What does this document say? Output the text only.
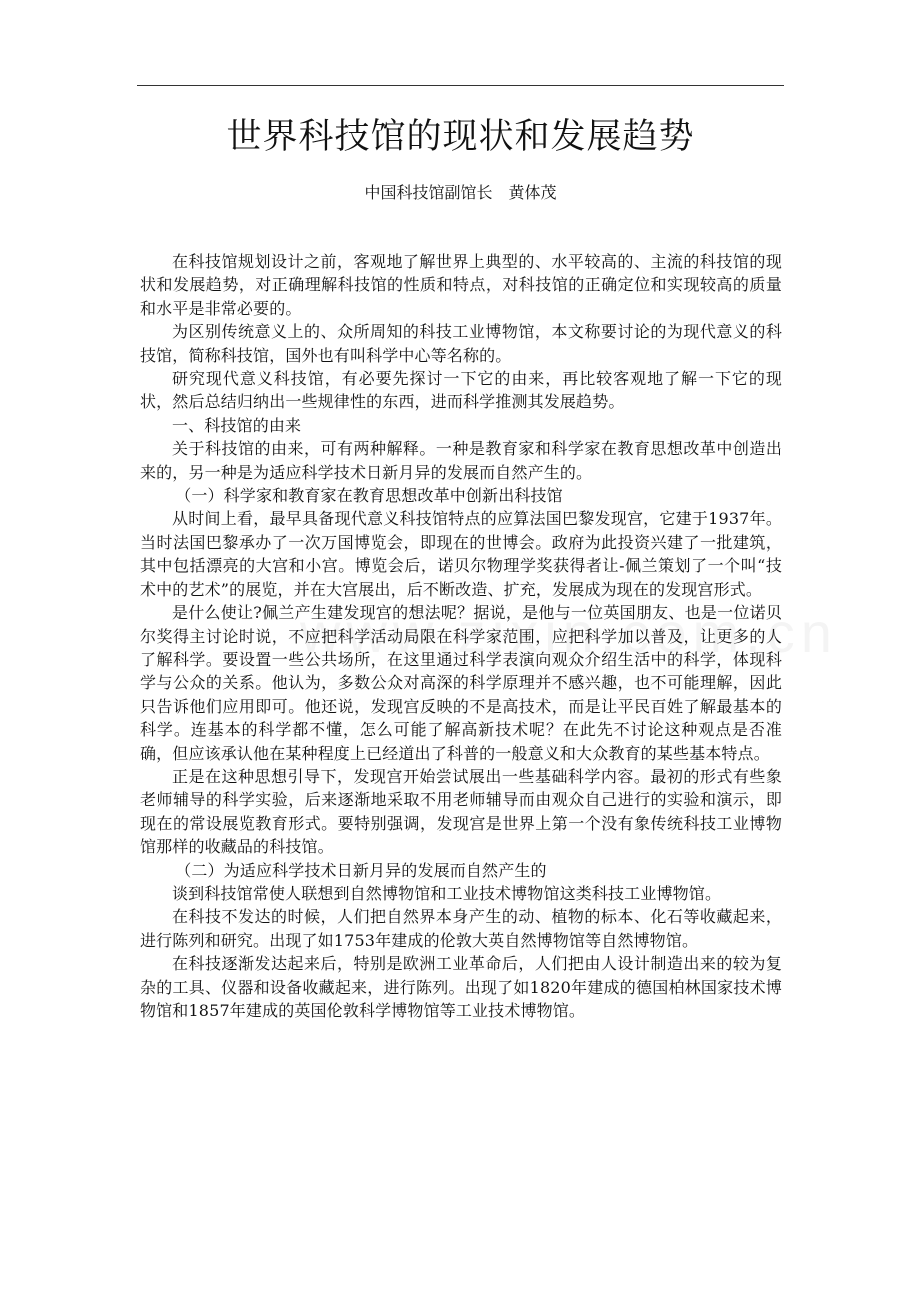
世界科技馆的现状和发展趋势
中国科技馆副馆长　黄体茂

在科技馆规划设计之前，客观地了解世界上典型的、水平较高的、主流的科技馆的现状和发展趋势，对正确理解科技馆的性质和特点，对科技馆的正确定位和实现较高的质量和水平是非常必要的。

为区别传统意义上的、众所周知的科技工业博物馆，本文称要讨论的为现代意义的科技馆，简称科技馆，国外也有叫科学中心等名称的。

研究现代意义科技馆，有必要先探讨一下它的由来，再比较客观地了解一下它的现状，然后总结归纳出一些规律性的东西，进而科学推测其发展趋势。

一、科技馆的由来

关于科技馆的由来，可有两种解释。一种是教育家和科学家在教育思想改革中创造出来的，另一种是为适应科学技术日新月异的发展而自然产生的。

（一）科学家和教育家在教育思想改革中创新出科技馆

从时间上看，最早具备现代意义科技馆特点的应算法国巴黎发现宫，它建于1937年。当时法国巴黎承办了一次万国博览会，即现在的世博会。政府为此投资兴建了一批建筑，其中包括漂亮的大宫和小宫。博览会后，诺贝尔物理学奖获得者让-佩兰策划了一个叫“技术中的艺术”的展览，并在大宫展出，后不断改造、扩充，发展成为现在的发现宫形式。

是什么使让?佩兰产生建发现宫的想法呢？据说，是他与一位英国朋友、也是一位诺贝尔奖得主讨论时说，不应把科学活动局限在科学家范围，应把科学加以普及，让更多的人了解科学。要设置一些公共场所，在这里通过科学表演向观众介绍生活中的科学，体现科学与公众的关系。他认为，多数公众对高深的科学原理并不感兴趣，也不可能理解，因此只告诉他们应用即可。他还说，发现宫反映的不是高技术，而是让平民百姓了解最基本的科学。连基本的科学都不懂，怎么可能了解高新技术呢？在此先不讨论这种观点是否准确，但应该承认他在某种程度上已经道出了科普的一般意义和大众教育的某些基本特点。

正是在这种思想引导下，发现宫开始尝试展出一些基础科学内容。最初的形式有些象老师辅导的科学实验，后来逐渐地采取不用老师辅导而由观众自己进行的实验和演示，即现在的常设展览教育形式。要特别强调，发现宫是世界上第一个没有象传统科技工业博物馆那样的收藏品的科技馆。

（二）为适应科学技术日新月异的发展而自然产生的

谈到科技馆常使人联想到自然博物馆和工业技术博物馆这类科技工业博物馆。

在科技不发达的时候，人们把自然界本身产生的动、植物的标本、化石等收藏起来，进行陈列和研究。出现了如1753年建成的伦敦大英自然博物馆等自然博物馆。

在科技逐渐发达起来后，特别是欧洲工业革命后，人们把由人设计制造出来的较为复杂的工具、仪器和设备收藏起来，进行陈列。出现了如1820年建成的德国柏林国家技术博物馆和1857年建成的英国伦敦科学博物馆等工业技术博物馆。
